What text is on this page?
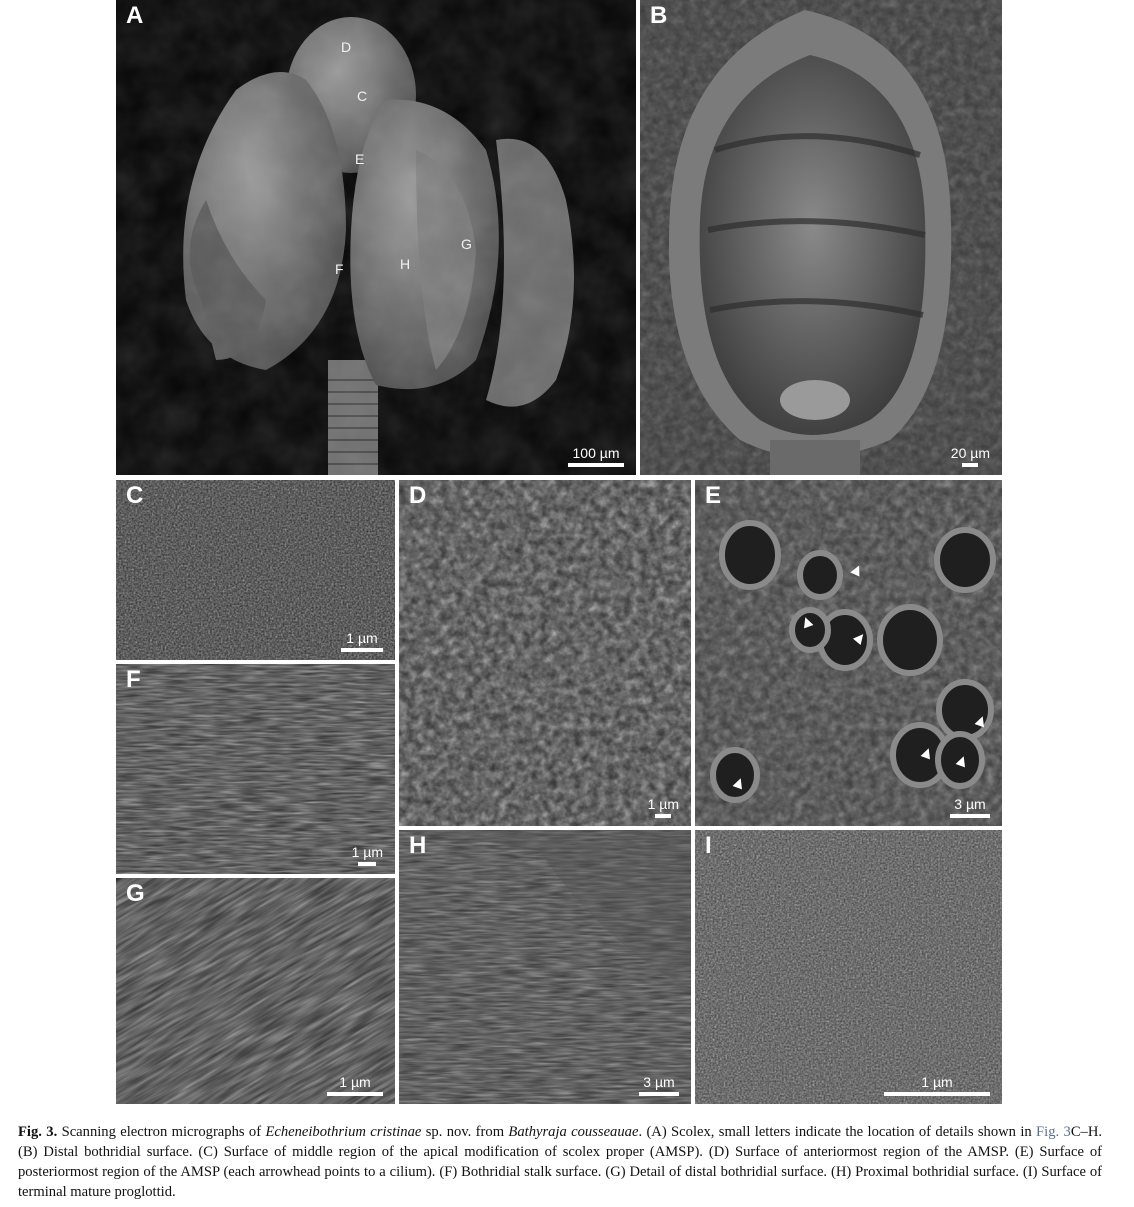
A
D
C
E
F	H
G
100 µm
B
20 µm
C
1 µm
D
1 µm
E
3 µm
F
1 µm
G
1 µm
H
3 µm
I
1 µm
Fig. 3. Scanning electron micrographs of Echeneibothrium cristinae sp. nov. from Bathyraja cousseauae. (A) Scolex, small letters indicate the location of details shown in Fig. 3C–H. (B) Distal bothridial surface. (C) Surface of middle region of the apical modification of scolex proper (AMSP). (D) Surface of anteriormost region of the AMSP. (E) Surface of posteriormost region of the AMSP (each arrowhead points to a cilium). (F) Bothridial stalk surface. (G) Detail of distal bothridial surface. (H) Proximal bothridial surface. (I) Surface of terminal mature proglottid.
